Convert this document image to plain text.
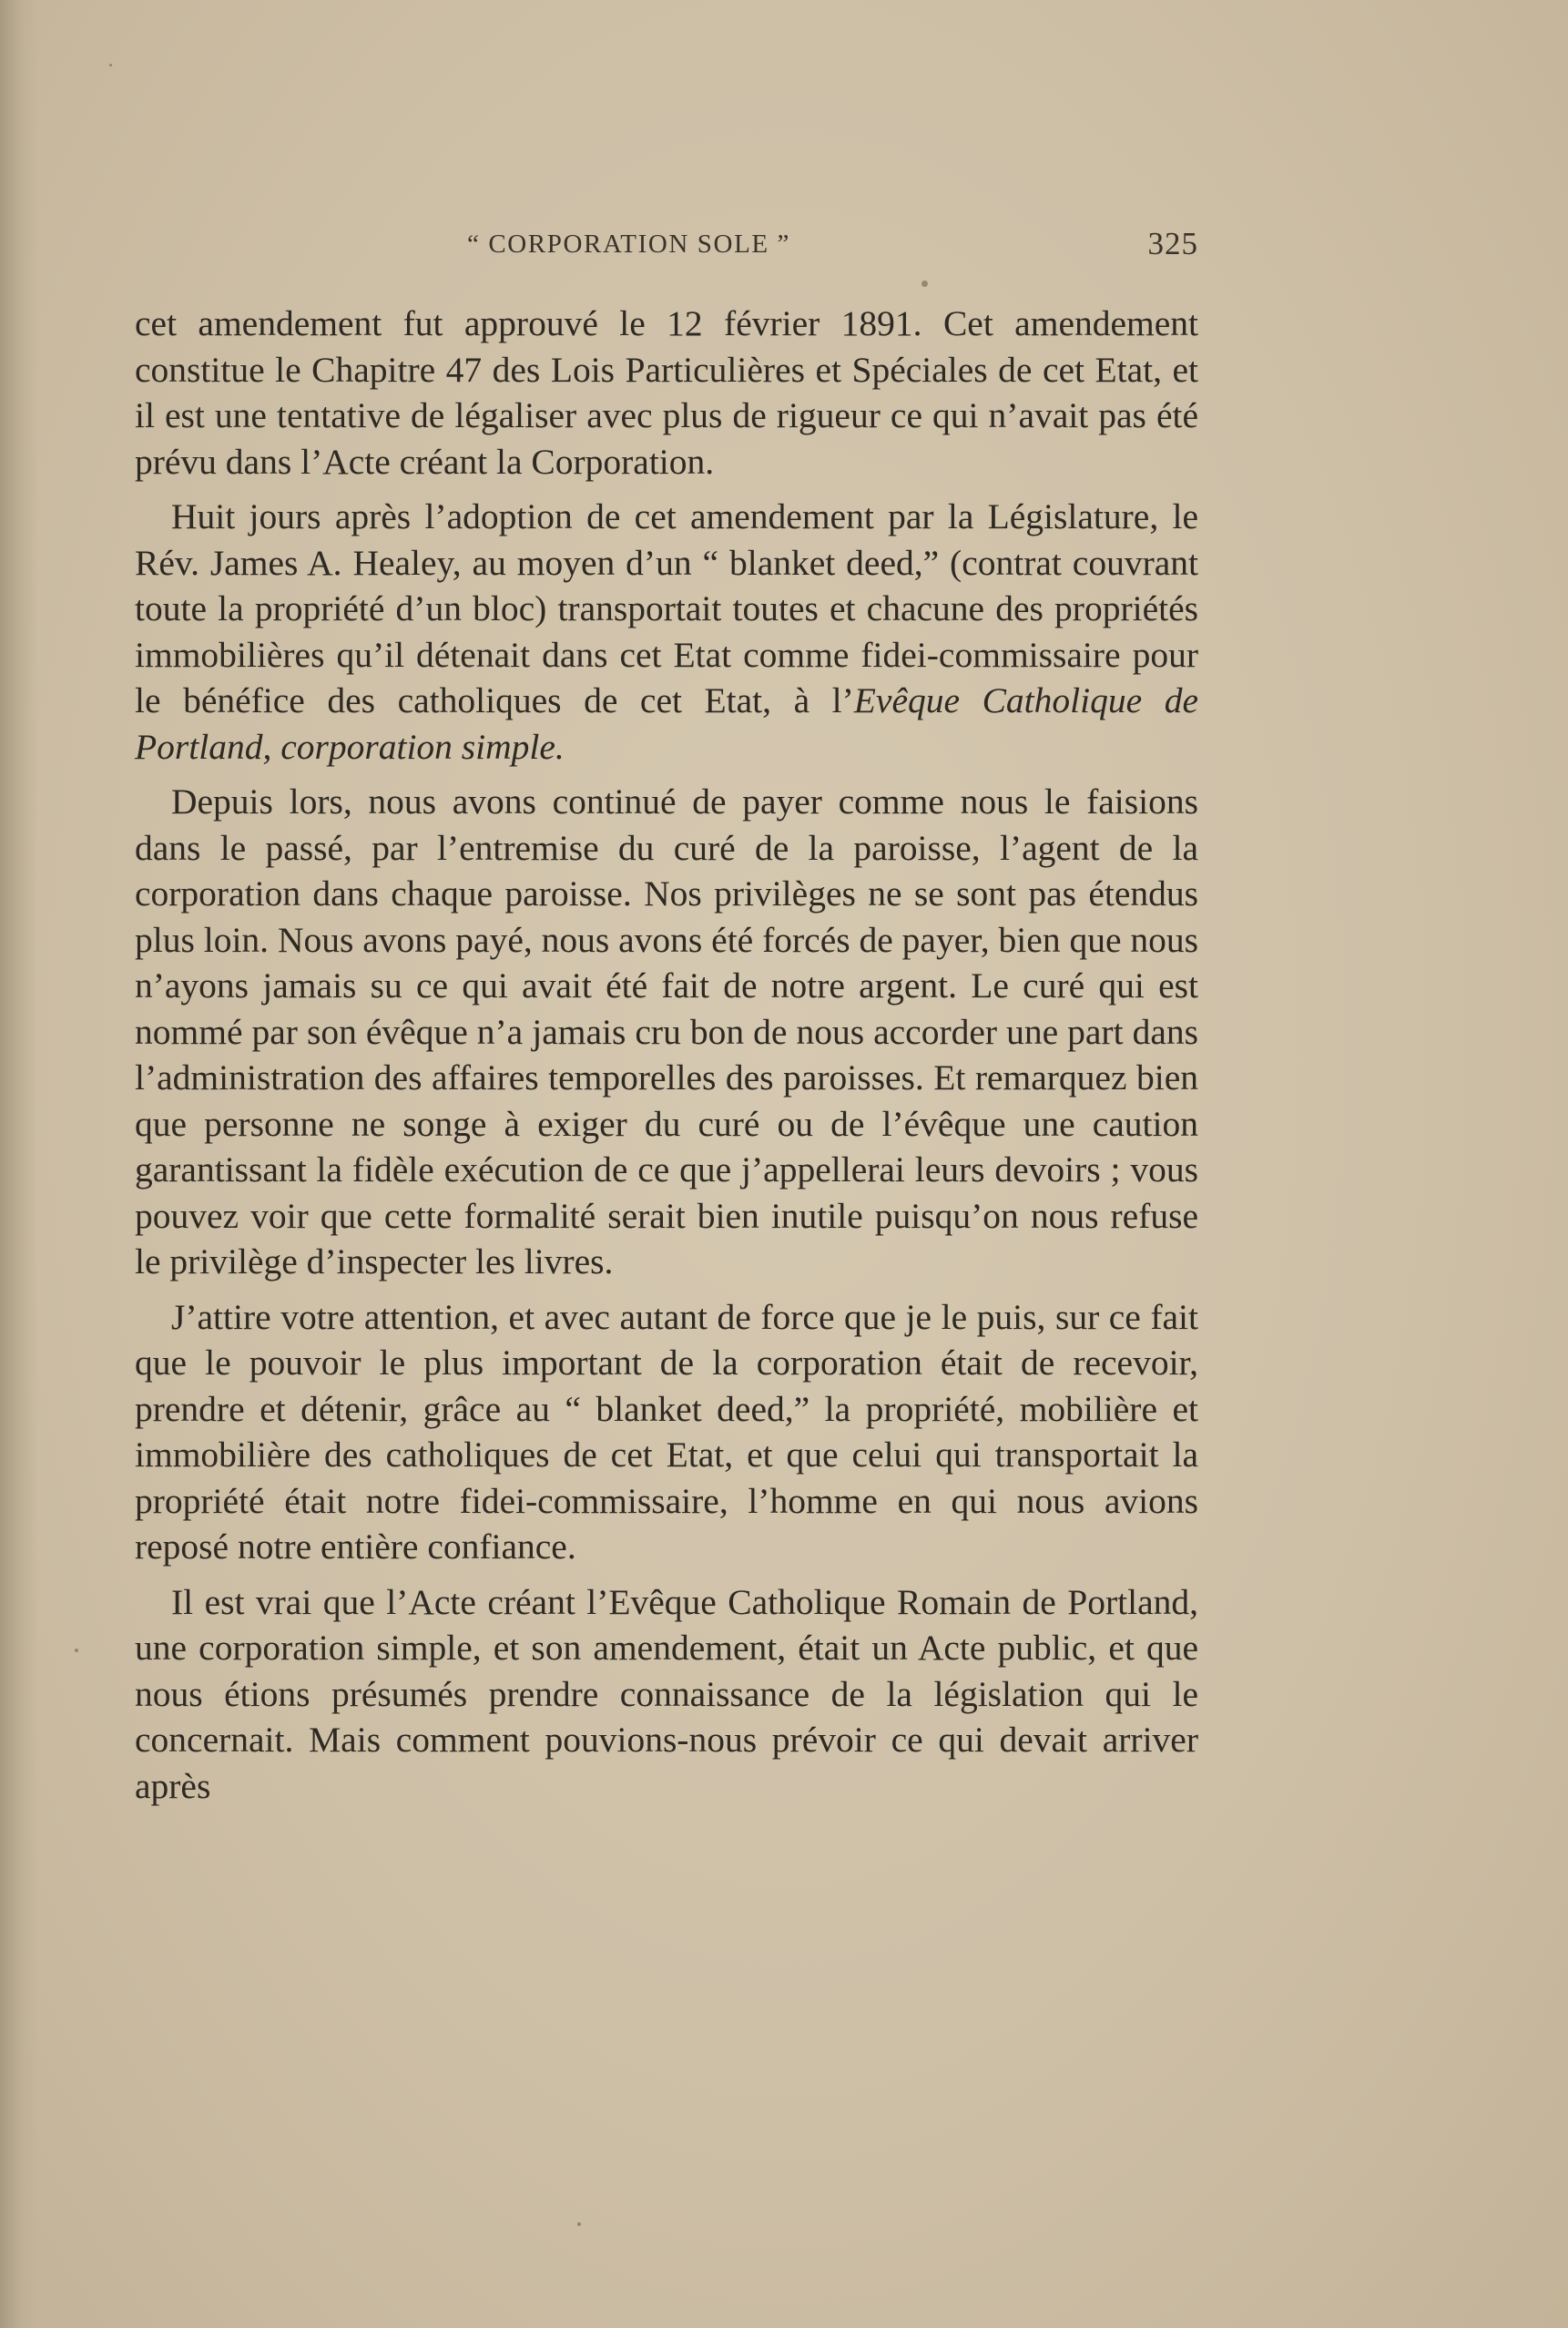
“ CORPORATION SOLE ”	325

cet amendement fut approuvé le 12 février 1891. Cet amendement constitue le Chapitre 47 des Lois Particulières et Spéciales de cet Etat, et il est une tentative de légaliser avec plus de rigueur ce qui n’avait pas été prévu dans l’Acte créant la Corporation.

Huit jours après l’adoption de cet amendement par la Législature, le Rév. James A. Healey, au moyen d’un “ blanket deed,” (contrat couvrant toute la propriété d’un bloc) transportait toutes et chacune des propriétés immobilières qu’il détenait dans cet Etat comme fidei-commissaire pour le bénéfice des catholiques de cet Etat, à l’Evêque Catholique de Portland, corporation simple.

Depuis lors, nous avons continué de payer comme nous le faisions dans le passé, par l’entremise du curé de la paroisse, l’agent de la corporation dans chaque paroisse. Nos privilèges ne se sont pas étendus plus loin. Nous avons payé, nous avons été forcés de payer, bien que nous n’ayons jamais su ce qui avait été fait de notre argent. Le curé qui est nommé par son évêque n’a jamais cru bon de nous accorder une part dans l’administration des affaires temporelles des paroisses. Et remarquez bien que personne ne songe à exiger du curé ou de l’évêque une caution garantissant la fidèle exécution de ce que j’appellerai leurs devoirs ; vous pouvez voir que cette formalité serait bien inutile puisqu’on nous refuse le privilège d’inspecter les livres.

J’attire votre attention, et avec autant de force que je le puis, sur ce fait que le pouvoir le plus important de la corporation était de recevoir, prendre et détenir, grâce au “ blanket deed,” la propriété, mobilière et immobilière des catholiques de cet Etat, et que celui qui transportait la propriété était notre fidei-commissaire, l’homme en qui nous avions reposé notre entière confiance.

Il est vrai que l’Acte créant l’Evêque Catholique Romain de Portland, une corporation simple, et son amendement, était un Acte public, et que nous étions présumés prendre connaissance de la législation qui le concernait. Mais comment pouvions-nous prévoir ce qui devait arriver après
